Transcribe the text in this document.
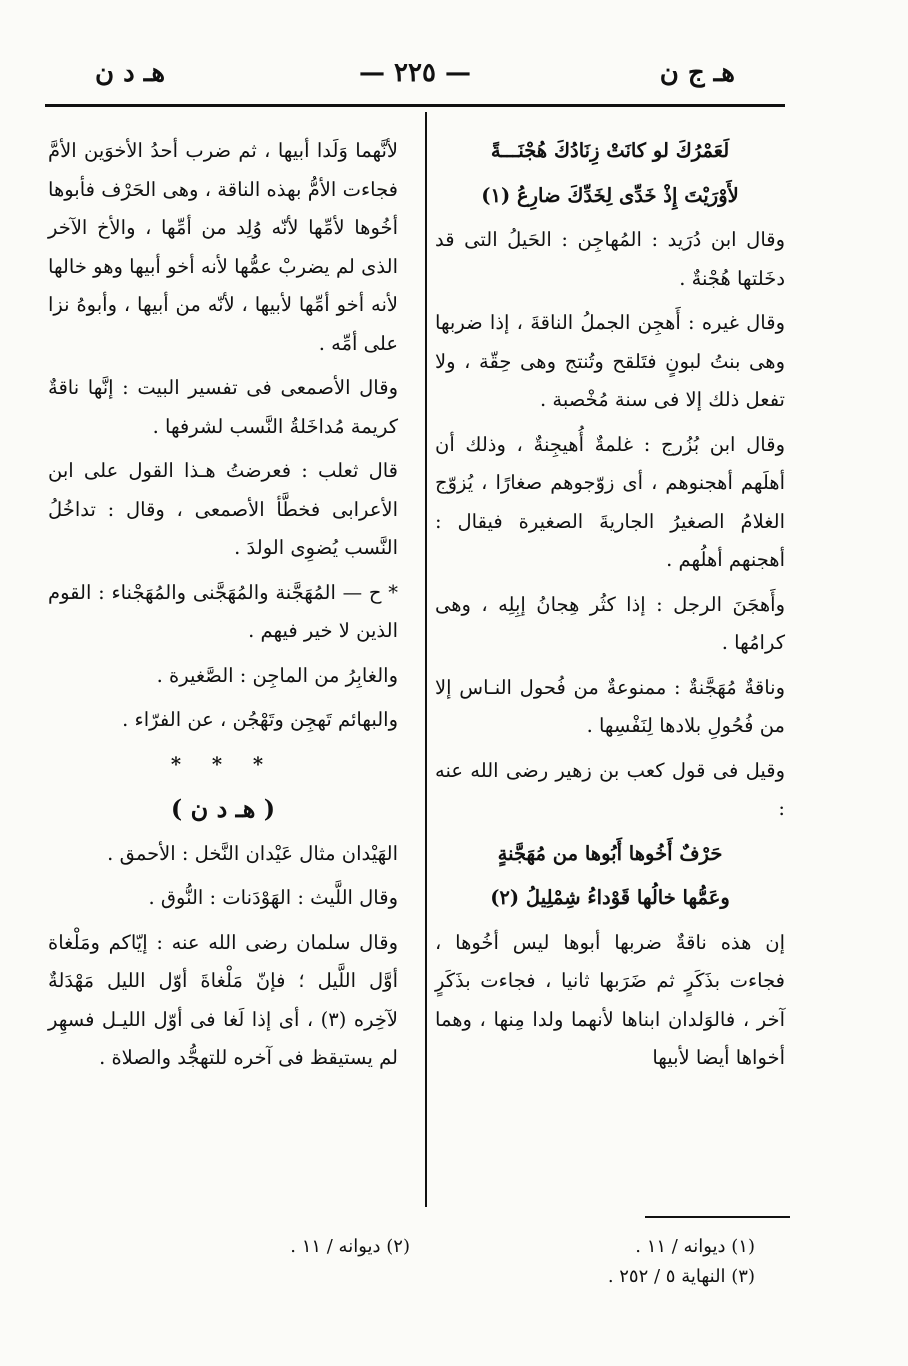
— ٢٢٥ —	هـ ج ن
هـ د ن

لَعَمْرُكَ لو كانَتْ زِنَادُكَ هُجْنَـــةً

لأَوْرَيْتَ إِذْ خَدِّى لِخَدِّكَ ضارِعُ (١)

وقال ابن دُرَيد : المُهاجِن : الحَيلُ التى قد دخَلتها هُجْنةٌ .

وقال غيره : أَهجِن الجملُ الناقةَ ، إذا ضربها وهى بنتُ لبونٍ فتَلقح وتُنتج وهى حِقّة ، ولا تفعل ذلك إلا فى سنة مُخْصبة .

وقال ابن بُزُرج : غلمةٌ أُهيجِنةٌ ، وذلك أن أهلَهم أهجنوهم ، أى زوّجوهم صغارًا ، يُزوّج الغلامُ الصغيرُ الجاريةَ الصغيرة فيقال : أهجنهم أهلُهم .

وأَهجَنَ الرجل : إذا كثُر هِجانُ إبِلِه ، وهى كرامُها .

وناقةٌ مُهَجَّنةٌ : ممنوعةٌ من فُحول النـاس إلا من فُحُولِ بلادها لِنَفْسِها .

وقيل فى قول كعب بن زهير رضى الله عنه :

حَرْفٌ أَخُوها أَبُوها من مُهَجَّنةٍ

وعَمُّها خالُها قَوْداءُ شِمْلِيلُ (٢)

إن هذه ناقةٌ ضربها أبوها ليس أخُوها ، فجاءت بذَكَرٍ ثم ضَرَبها ثانيا ، فجاءت بذَكَرٍ آخر ، فالوَلدان ابناها لأنهما ولدا مِنها ، وهما أخواها أيضا لأبيها

لأنَّهما وَلَدا أبيها ، ثم ضرب أحدُ الأخوَين الأمَّ فجاءت الأمُّ بهذه الناقة ، وهى الحَرْف فأبوها أخُوها لأمِّها لأنّه وُلِد من أمِّها ، والأخ الآخر الذى لم يضربْ عمُّها لأنه أخو أبيها وهو خالها لأنه أخو أمِّها لأبيها ، لأنّه من أبيها ، وأبوهُ نزا على أمِّه .

وقال الأصمعى فى تفسير البيت : إنَّها ناقةٌ كريمة مُداخَلةُ النَّسب لشرفها .

قال ثعلب : فعرضتُ هـذا القول على ابن الأعرابى فخطَّأ الأصمعى ، وقال : تداخُلُ النَّسب يُضوِى الولدَ .

* ح — المُهَجَّنة والمُهَجَّنى والمُهَجْناء : القوم الذين لا خير فيهم .

والغابِرُ من الماجِن : الصَّغيرة .

والبهائم تَهجِن وتَهْجُن ، عن الفرّاء .

* * *

( هـ د ن )

الهَيْدان مثال عَيْدان النَّخل : الأحمق .

وقال اللَّيث : الهَوْدَنات : النُّوق .

وقال سلمان رضى الله عنه : إيّاكم ومَلْغاة أوَّل اللَّيل ؛ فإنّ مَلْغاةَ أوّل الليل مَهْدَلةٌ لآخِره (٣) ، أى إذا لَغا فى أوّل الليـل فسهِر لم يستيقظ فى آخره للتهجُّد والصلاة .

(١) ديوانه / ١١ .
(٣) النهاية ٥ / ٢٥٢ .
(٢) ديوانه / ١١ .
